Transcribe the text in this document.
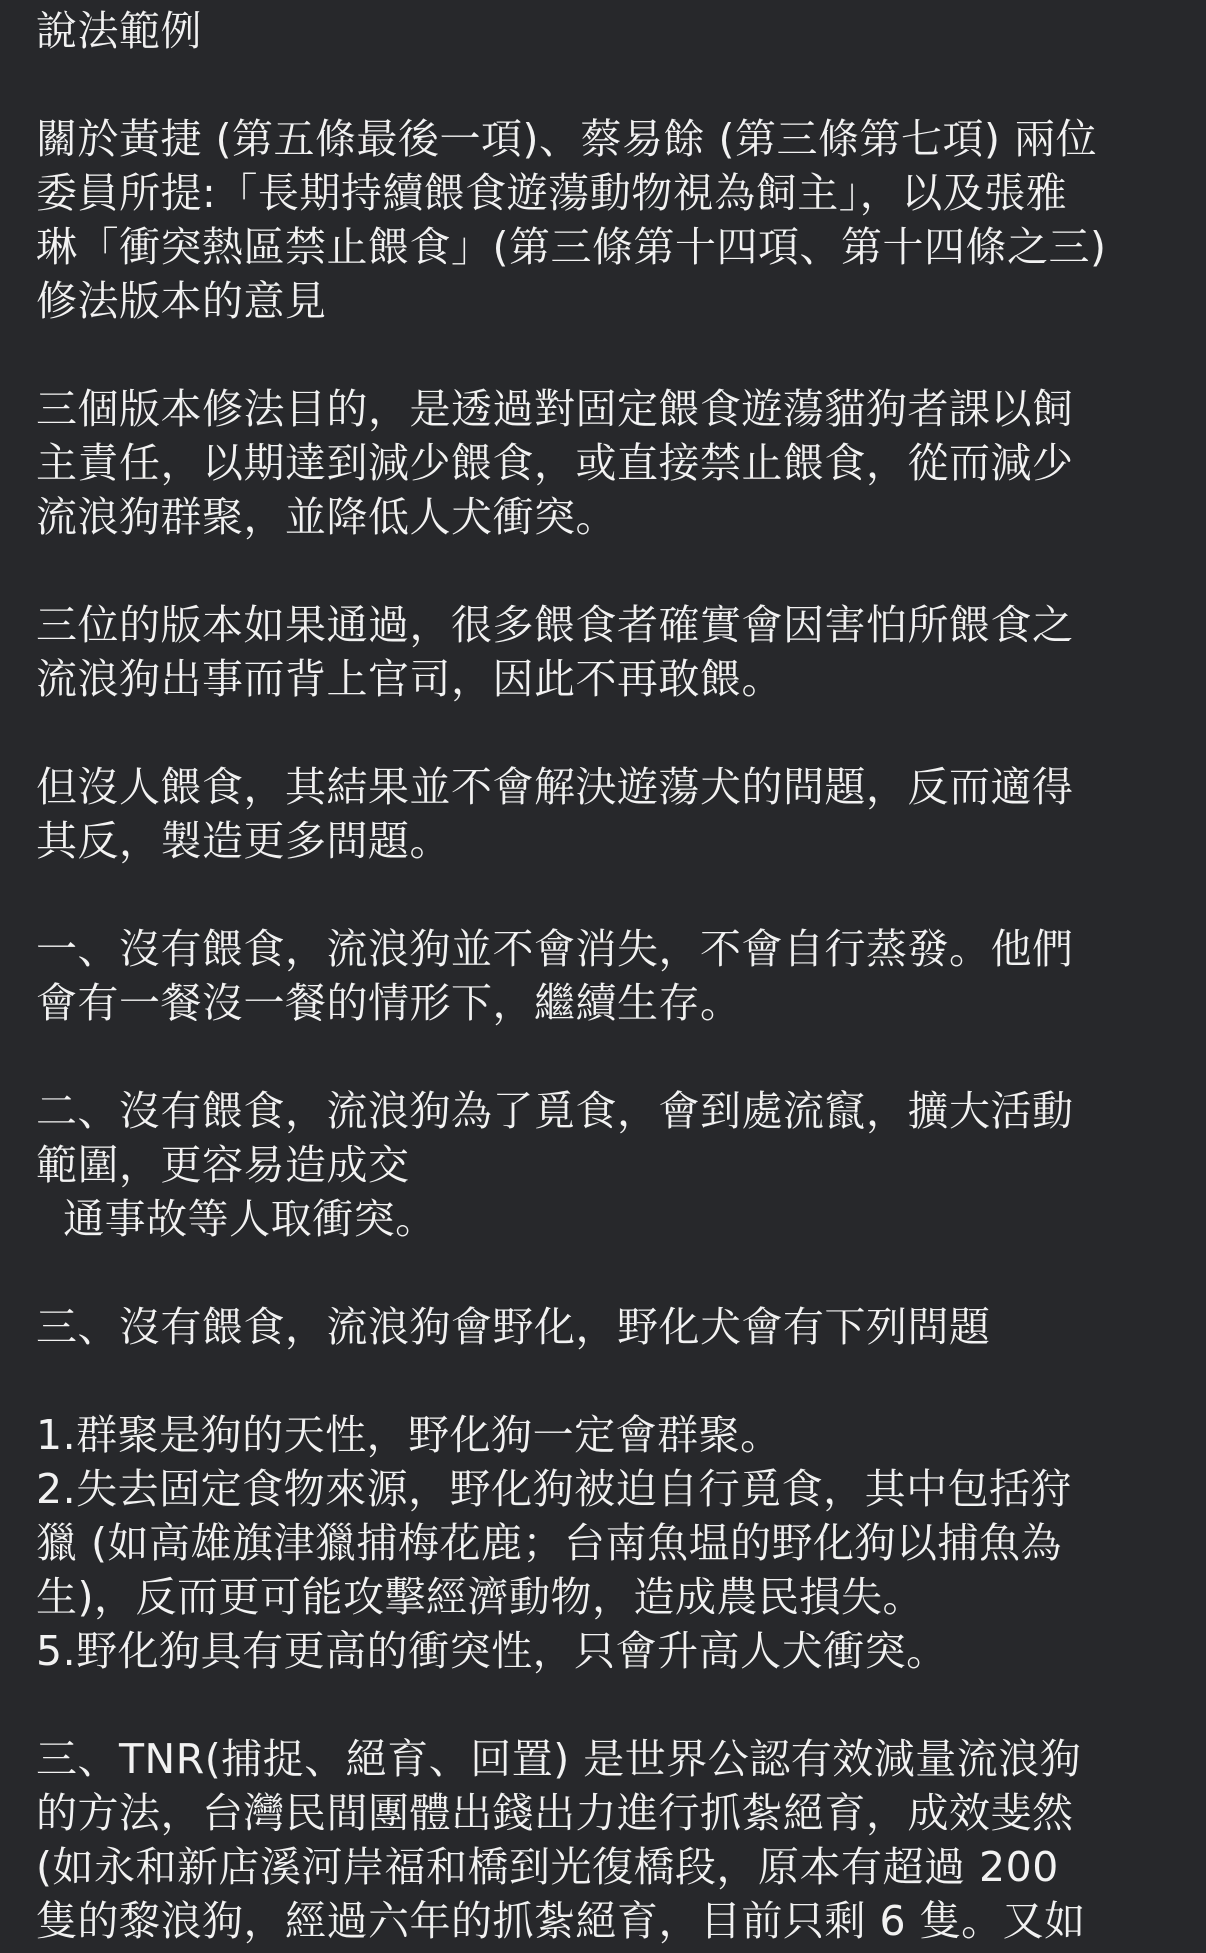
說法範例
關於黃捷 (第五條最後一項)、蔡易餘 (第三條第七項) 兩位
委員所提:「長期持續餵食遊蕩動物視為飼主」，以及張雅
琳「衝突熱區禁止餵食」(第三條第十四項、第十四條之三)
修法版本的意見
三個版本修法目的，是透過對固定餵食遊蕩貓狗者課以飼
主責任，以期達到減少餵食，或直接禁止餵食，從而減少
流浪狗群聚，並降低人犬衝突。
三位的版本如果通過，很多餵食者確實會因害怕所餵食之
流浪狗出事而背上官司，因此不再敢餵。
但沒人餵食，其結果並不會解決遊蕩犬的問題，反而適得
其反，製造更多問題。
一、沒有餵食，流浪狗並不會消失，不會自行蒸發。他們
會有一餐沒一餐的情形下，繼續生存。
二、沒有餵食，流浪狗為了覓食，會到處流竄，擴大活動
範圍，更容易造成交
通事故等人取衝突。
三、沒有餵食，流浪狗會野化，野化犬會有下列問題
1.群聚是狗的天性，野化狗一定會群聚。
2.失去固定食物來源，野化狗被迫自行覓食，其中包括狩
獵 (如高雄旗津獵捕梅花鹿；台南魚塭的野化狗以捕魚為
生)，反而更可能攻擊經濟動物，造成農民損失。
5.野化狗具有更高的衝突性，只會升高人犬衝突。
三、TNR(捕捉、絕育、回置) 是世界公認有效減量流浪狗
的方法，台灣民間團體出錢出力進行抓紮絕育，成效斐然
(如永和新店溪河岸福和橋到光復橋段，原本有超過 200
隻的黎浪狗，經過六年的抓紮絕育，目前只剩 6 隻。又如
